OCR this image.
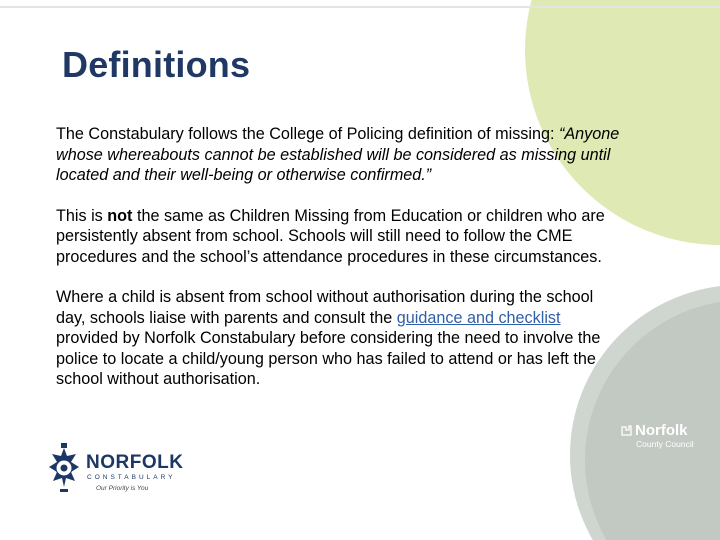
Definitions

The Constabulary follows the College of Policing definition of missing: “Anyone whose whereabouts cannot be established will be considered as missing until located and their well-being or otherwise confirmed.”

This is not the same as Children Missing from Education or children who are persistently absent from school. Schools will still need to follow the CME procedures and the school’s attendance procedures in these circumstances.

Where a child is absent from school without authorisation during the school day, schools liaise with parents and consult the guidance and checklist provided by Norfolk Constabulary before considering the need to involve the police to locate a child/young person who has failed to attend or has left the school without authorisation.

Norfolk
County Council
NORFOLK
CONSTABULARY
Our Priority is You
